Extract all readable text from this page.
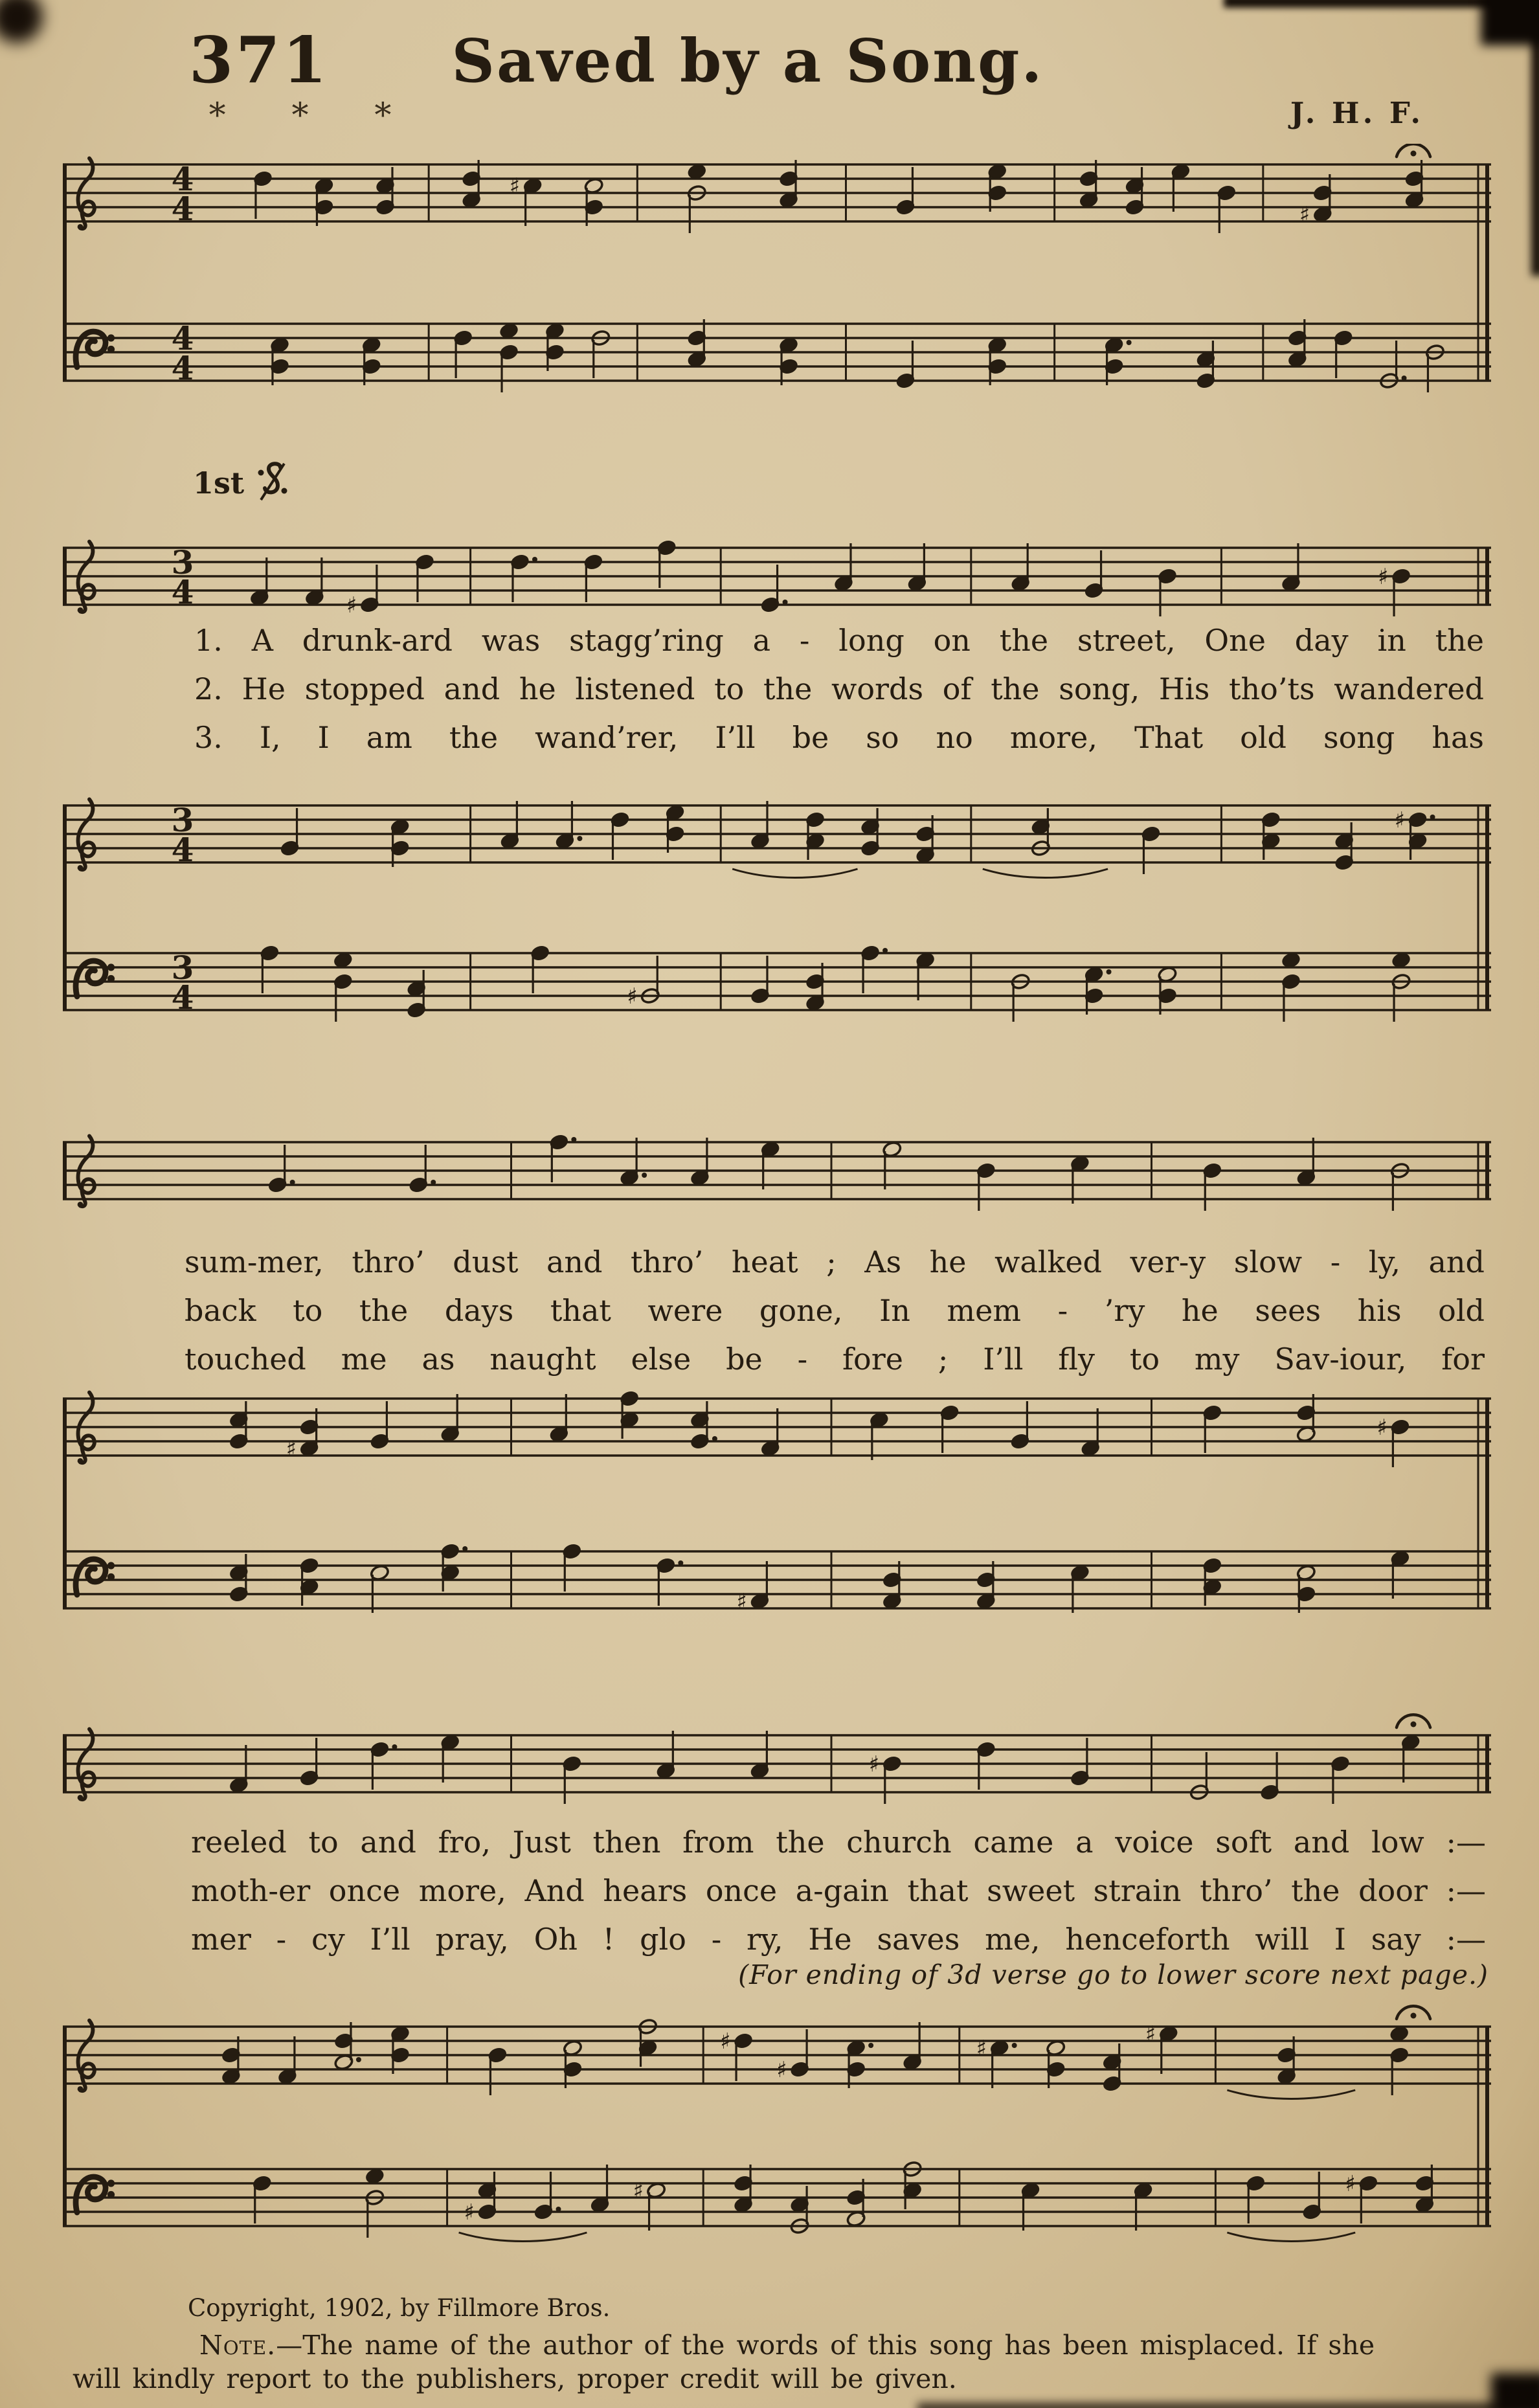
Saved by a Song.
371
∗ ∗ ∗	J. H. F.
4
4
4
4
♯
♯
1st
3
4	♯
♯
1. A drunk-ard was stagg’ring a - long on the street, One day in the
2. He stopped and he listened to the words of the song, His tho’ts wandered
3. I, I am the wand’rer, I’ll be so no more, That old song has
3
4
3
4
♯
♯
sum-mer, thro’ dust and thro’ heat ; As he walked ver-y slow - ly, and
back to the days that were gone, In mem - ’ry he sees his old
touched me as naught else be - fore ; I’ll fly to my Sav-iour, for
♯
♯
♯
♯
reeled to and fro, Just then from the church came a voice soft and low :—
moth-er once more, And hears once a-gain that sweet strain thro’ the door :—
mer - cy I’ll pray, Oh ! glo - ry, He saves me, henceforth will I say :—
(For ending of 3d verse go to lower score next page.)
♯
♯
♯
♯
♯
♯	♯
Copyright, 1902, by Fillmore Bros.
Note.—The name of the author of the words of this song has been misplaced. If she
will kindly report to the publishers, proper credit will be given.
